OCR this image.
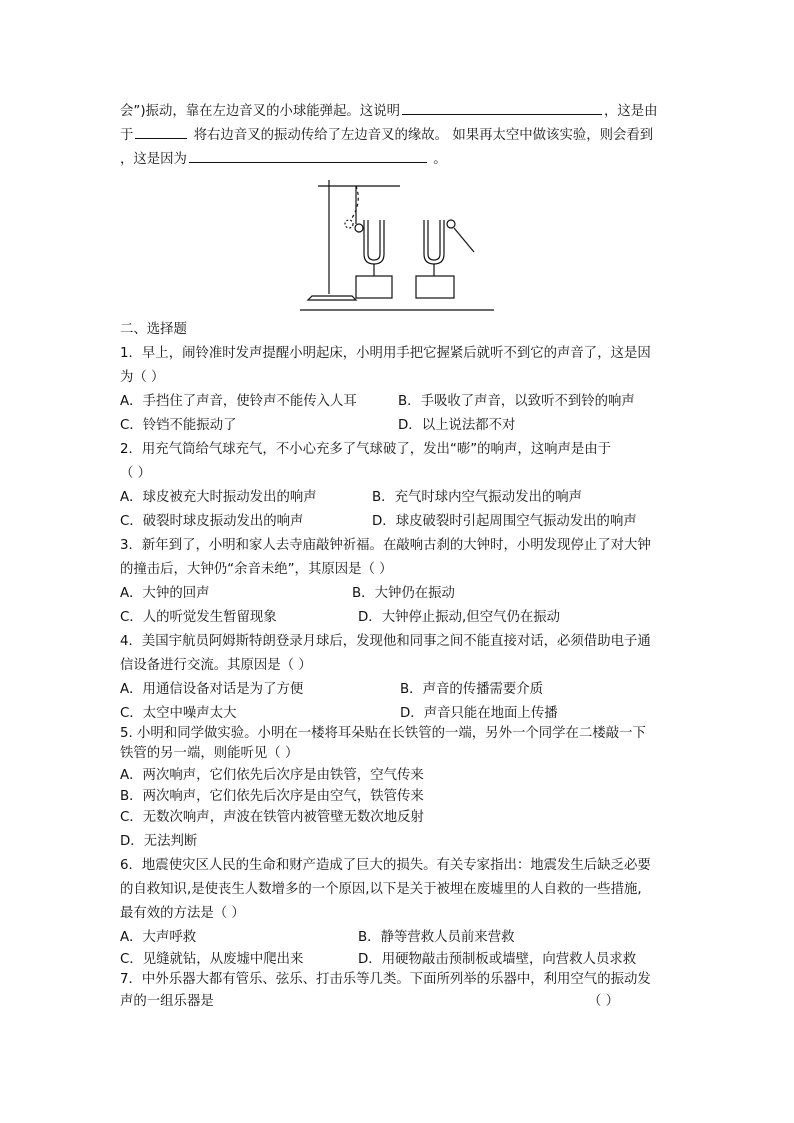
会”)振动，靠在左边音叉的小球能弹起。这说明	，这是由
于	将右边音叉的振动传给了左边音叉的缘故。 如果再太空中做该实验，则会看到
，这是因为	。
二、选择题
1．早上，闹铃准时发声提醒小明起床，小明用手把它握紧后就听不到它的声音了，这是因
为（ ）
A．手挡住了声音，使铃声不能传入人耳	B．手吸收了声音，以致听不到铃的响声
C．铃铛不能振动了	D．以上说法都不对
2．用充气筒给气球充气，不小心充多了气球破了，发出“嘭”的响声，这响声是由于
（ ）
A．球皮被充大时振动发出的响声	B．充气时球内空气振动发出的响声
C．破裂时球皮振动发出的响声	D．球皮破裂时引起周围空气振动发出的响声
3．新年到了，小明和家人去寺庙敲钟祈福。在敲响古刹的大钟时，小明发现停止了对大钟
的撞击后，大钟仍“余音未绝”，其原因是（ ）
A．大钟的回声	B．大钟仍在振动
C．人的听觉发生暂留现象	D．大钟停止振动,但空气仍在振动
4．美国宇航员阿姆斯特朗登录月球后，发现他和同事之间不能直接对话，必须借助电子通
信设备进行交流。其原因是（ ）
A．用通信设备对话是为了方便	B．声音的传播需要介质
C．太空中噪声太大	D．声音只能在地面上传播
5. 小明和同学做实验。小明在一楼将耳朵贴在长铁管的一端，另外一个同学在二楼敲一下
铁管的另一端，则能听见（ ）
A．两次响声，它们依先后次序是由铁管，空气传来
B．两次响声，它们依先后次序是由空气，铁管传来
C．无数次响声，声波在铁管内被管壁无数次地反射
D．无法判断
6．地震使灾区人民的生命和财产造成了巨大的损失。有关专家指出：地震发生后缺乏必要
的自救知识,是使丧生人数增多的一个原因,以下是关于被埋在废墟里的人自救的一些措施,
最有效的方法是（ ）
A．大声呼救	B．静等营救人员前来营救
C．见缝就钻，从废墟中爬出来	D．用硬物敲击预制板或墙壁，向营救人员求救
7．中外乐器大都有管乐、弦乐、打击乐等几类。下面所列举的乐器中，利用空气的振动发
声的一组乐器是	（ ）
